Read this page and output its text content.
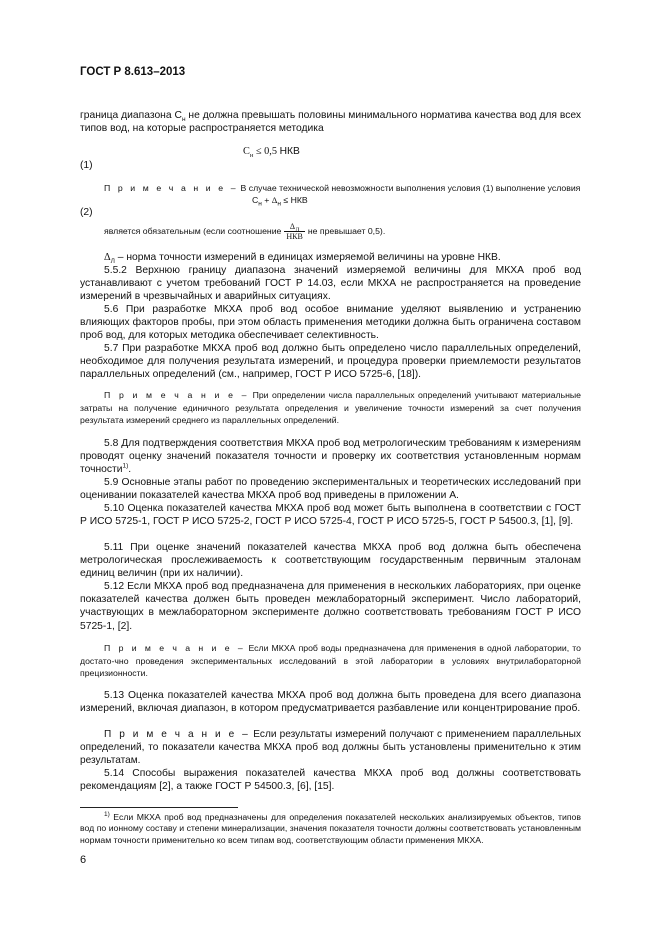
ГОСТ Р 8.613–2013

граница диапазона $С_н$ не должна превышать половины минимального норматива качества вод для всех типов вод, на которые распространяется методика

$С_н \le 0,5$ НКВ
(1)

П р и м е ч а н и е – В случае технической невозможности выполнения условия (1) выполнение условия

$С_н + \Delta_н$ ≤ НКВ
(2)
является обязательным (если соотношение $\frac{\Delta_Л}{\text{НКВ}}$ не превышает 0,5).

$\Delta_Л$ – норма точности измерений в единицах измеряемой величины на уровне НКВ.

5.5.2 Верхнюю границу диапазона значений измеряемой величины для МКХА проб вод устанавливают с учетом требований ГОСТ Р 14.03, если МКХА не распространяется на проведение измерений в чрезвычайных и аварийных ситуациях.

5.6 При разработке МКХА проб вод особое внимание уделяют выявлению и устранению влияющих факторов пробы, при этом область применения методики должна быть ограничена составом проб вод, для которых методика обеспечивает селективность.

5.7 При разработке МКХА проб вод должно быть определено число параллельных определений, необходимое для получения результата измерений, и процедура проверки приемлемости результатов параллельных определений (см., например, ГОСТ Р ИСО 5725-6, [18]).

П р и м е ч а н и е – При определении числа параллельных определений учитывают материальные затраты на получение единичного результата определения и увеличение точности измерений за счет получения результата измерений среднего из параллельных определений.

5.8 Для подтверждения соответствия МКХА проб вод метрологическим требованиям к измерениям проводят оценку значений показателя точности и проверку их соответствия установленным нормам точности$^{1)}$.

5.9 Основные этапы работ по проведению экспериментальных и теоретических исследований при оценивании показателей качества МКХА проб вод приведены в приложении А.

5.10 Оценка показателей качества МКХА проб вод может быть выполнена в соответствии с ГОСТ Р ИСО 5725-1, ГОСТ Р ИСО 5725-2, ГОСТ Р ИСО 5725-4, ГОСТ Р ИСО 5725-5, ГОСТ Р 54500.3, [1], [9].

5.11 При оценке значений показателей качества МКХА проб вод должна быть обеспечена метрологическая прослеживаемость к соответствующим государственным первичным эталонам единиц величин (при их наличии).

5.12 Если МКХА проб вод предназначена для применения в нескольких лабораториях, при оценке показателей качества должен быть проведен межлабораторный эксперимент. Число лабораторий, участвующих в межлабораторном эксперименте должно соответствовать требованиям ГОСТ Р ИСО 5725-1, [2].

П р и м е ч а н и е – Если МКХА проб воды предназначена для применения в одной лаборатории, то достато-чно проведения экспериментальных исследований в этой лаборатории в условиях внутрилабораторной прецизионности.

5.13 Оценка показателей качества МКХА проб вод должна быть проведена для всего диапазона измерений, включая диапазон, в котором предусматривается разбавление или концентрирование проб.

П р и м е ч а н и е – Если результаты измерений получают с применением параллельных определений, то показатели качества МКХА проб вод должны быть установлены применительно к этим результатам.

5.14 Способы выражения показателей качества МКХА проб вод должны соответствовать рекомендациям [2], а также ГОСТ Р 54500.3, [6], [15].

$^{1)}$ Если МКХА проб вод предназначены для определения показателей нескольких анализируемых объектов, типов вод по ионному составу и степени минерализации, значения показателя точности должны соответствовать установленным нормам точности применительно ко всем типам вод, соответствующим области применения МКХА.

6
